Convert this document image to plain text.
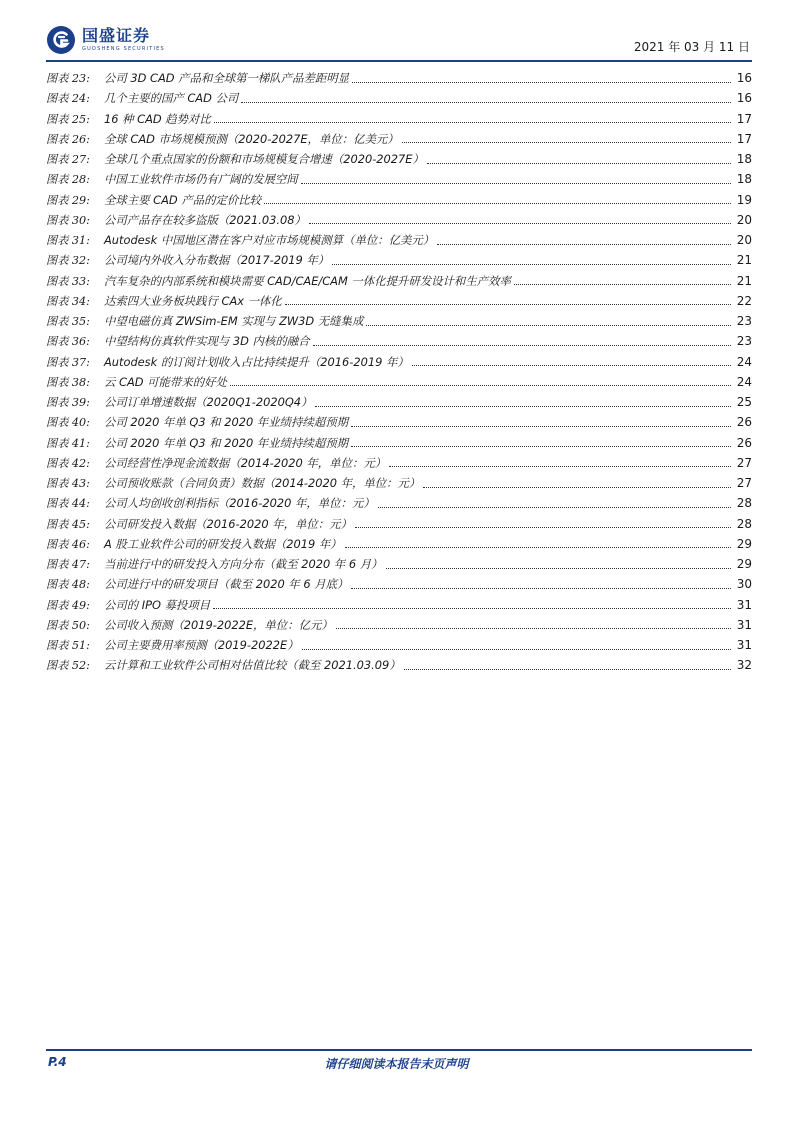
国盛证券
GUOSHENG SECURITIES	2021 年 03 月 11 日
图表 23:	公司 3D CAD 产品和全球第一梯队产品差距明显	16
图表 24:	几个主要的国产 CAD 公司	16
图表 25:	16 种 CAD 趋势对比	17
图表 26:	全球 CAD 市场规模预测（2020-2027E，单位：亿美元）	17
图表 27:	全球几个重点国家的份额和市场规模复合增速（2020-2027E）	18
图表 28:	中国工业软件市场仍有广阔的发展空间	18
图表 29:	全球主要 CAD 产品的定价比较	19
图表 30:	公司产品存在较多盗版（2021.03.08）	20
图表 31:	Autodesk 中国地区潜在客户对应市场规模测算（单位：亿美元）	20
图表 32:	公司境内外收入分布数据（2017-2019 年）	21
图表 33:	汽车复杂的内部系统和模块需要 CAD/CAE/CAM 一体化提升研发设计和生产效率	21
图表 34:	达索四大业务板块践行 CAx 一体化	22
图表 35:	中望电磁仿真 ZWSim-EM 实现与 ZW3D 无缝集成	23
图表 36:	中望结构仿真软件实现与 3D 内核的融合	23
图表 37:	Autodesk 的订阅计划收入占比持续提升（2016-2019 年）	24
图表 38:	云 CAD 可能带来的好处	24
图表 39:	公司订单增速数据（2020Q1-2020Q4）	25
图表 40:	公司 2020 年单 Q3 和 2020 年业绩持续超预期	26
图表 41:	公司 2020 年单 Q3 和 2020 年业绩持续超预期	26
图表 42:	公司经营性净现金流数据（2014-2020 年，单位：元）	27
图表 43:	公司预收账款（合同负责）数据（2014-2020 年，单位：元）	27
图表 44:	公司人均创收创利指标（2016-2020 年，单位：元）	28
图表 45:	公司研发投入数据（2016-2020 年，单位：元）	28
图表 46:	A 股工业软件公司的研发投入数据（2019 年）	29
图表 47:	当前进行中的研发投入方向分布（截至 2020 年 6 月）	29
图表 48:	公司进行中的研发项目（截至 2020 年 6 月底）	30
图表 49:	公司的 IPO 募投项目	31
图表 50:	公司收入预测（2019-2022E，单位：亿元）	31
图表 51:	公司主要费用率预测（2019-2022E）	31
图表 52:	云计算和工业软件公司相对估值比较（截至 2021.03.09）	32
P.4	请仔细阅读本报告末页声明
